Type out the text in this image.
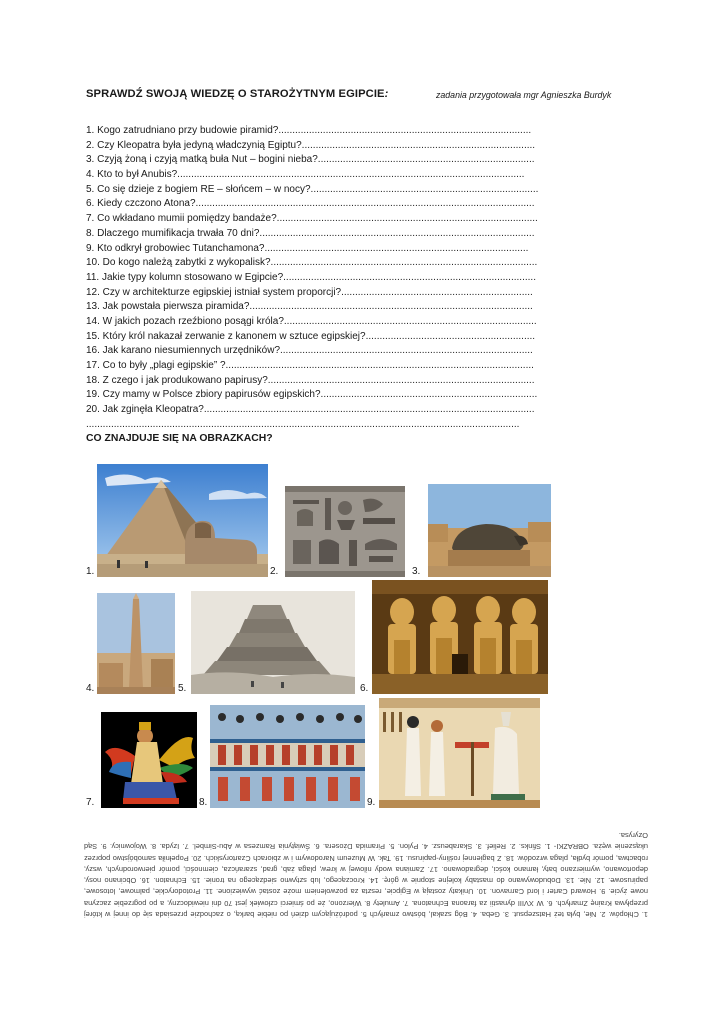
SPRAWDŹ SWOJĄ WIEDZĘ O STAROŻYTNYM EGIPCIE:	zadania przygotowała mgr Agnieszka Burdyk
1. Kogo zatrudniano przy budowie piramid?...........................................................................................
2. Czy Kleopatra była jedyną władczynią Egiptu?....................................................................................
3. Czyją żoną i czyją matką buła Nut – bogini nieba?..............................................................................
4. Kto to był Anubis?.............................................................................................................................
5. Co się dzieje z bogiem RE – słońcem – w nocy?..................................................................................
6. Kiedy czczono Atona?..........................................................................................................................
7. Co wkładano mumii pomiędzy bandaże?..............................................................................................
8. Dlaczego mumifikacja trwała 70 dni?...................................................................................................
9. Kto odkrył grobowiec Tutanchamona?...............................................................................................
10. Do kogo należą zabytki z wykopalisk?................................................................................................
11. Jakie typy kolumn stosowano w Egipcie?...........................................................................................
12. Czy w architekturze egipskiej istniał system proporcji?.....................................................................
13. Jak powstała pierwsza piramida?......................................................................................................
14. W jakich pozach rzeźbiono posągi króla?...........................................................................................
15. Który król nakazał zerwanie z kanonem w sztuce egipskiej?.............................................................
16. Jak karano niesumiennych urzędników?...........................................................................................
17. Co to były „plagi egipskie” ?...............................................................................................................
18. Z czego i jak produkowano papirusy?................................................................................................
19. Czy mamy w Polsce zbiory papirusów egipskich?..............................................................................
20. Jak zginęła Kleopatra?.......................................................................................................................
............................................................................................................................................................
CO ZNAJDUJE SIĘ NA OBRAZKACH?
1.	2.	3.
4.	5.	6.
7.	8.	9.
1. Chłopów. 2. Nie, była też Hatszepsut. 3. Geba. 4. Bóg szakal, bóstwo zmarłych 5. podróżującym dzień po niebie barką, o zachodzie przesiada się do innej w której przepływa Krainę Zmarłych. 6. W XVIII dynastii za faraona Echnatona. 7. Amulety 8. Wierzono, że po śmierci człowiek jest 70 dni niewidoczny, a po pogrzebie zaczyna nowe życie. 9. Howard Carter i lord Carnavon. 10. Unikaty zostają w Egipcie, reszta za pozwoleniem może zostać wywiezione. 11. Protodoryckie, palmowe, lotosowe, papirusowe. 12. Nie. 13. Dobudowywano do mastaby kolejne stopnie w górę. 14. Kroczącego, lub sztywno siedzącego na tronie. 15. Echnaton. 16. Obcinano nosy, deportowano, wymierzano baty, łamano kości, degradowano. 17. Zamiana wody nilowej w krew, plaga żab, grad, szarańcza, ciemności, pomór pierworodnych, wszy, robactwa, pomór bydła, plaga wrzodów. 18. Z bagiennej rośliny-papirusu. 19. Tak. W Muzeum Narodowym i w zbiorach Czartoryskich. 20. Popełniła samobójstwo poprzez ukąszenie węża. OBRAZKI- 1. Sfinks. 2. Relief. 3. Skarabeusz. 4. Pylon. 5. Piramida Dżosera. 6. Świątynia Ramzesa w Abu-Simbel. 7. Izyda. 8. Wojownicy. 9. Sąd Ozyrysa.
